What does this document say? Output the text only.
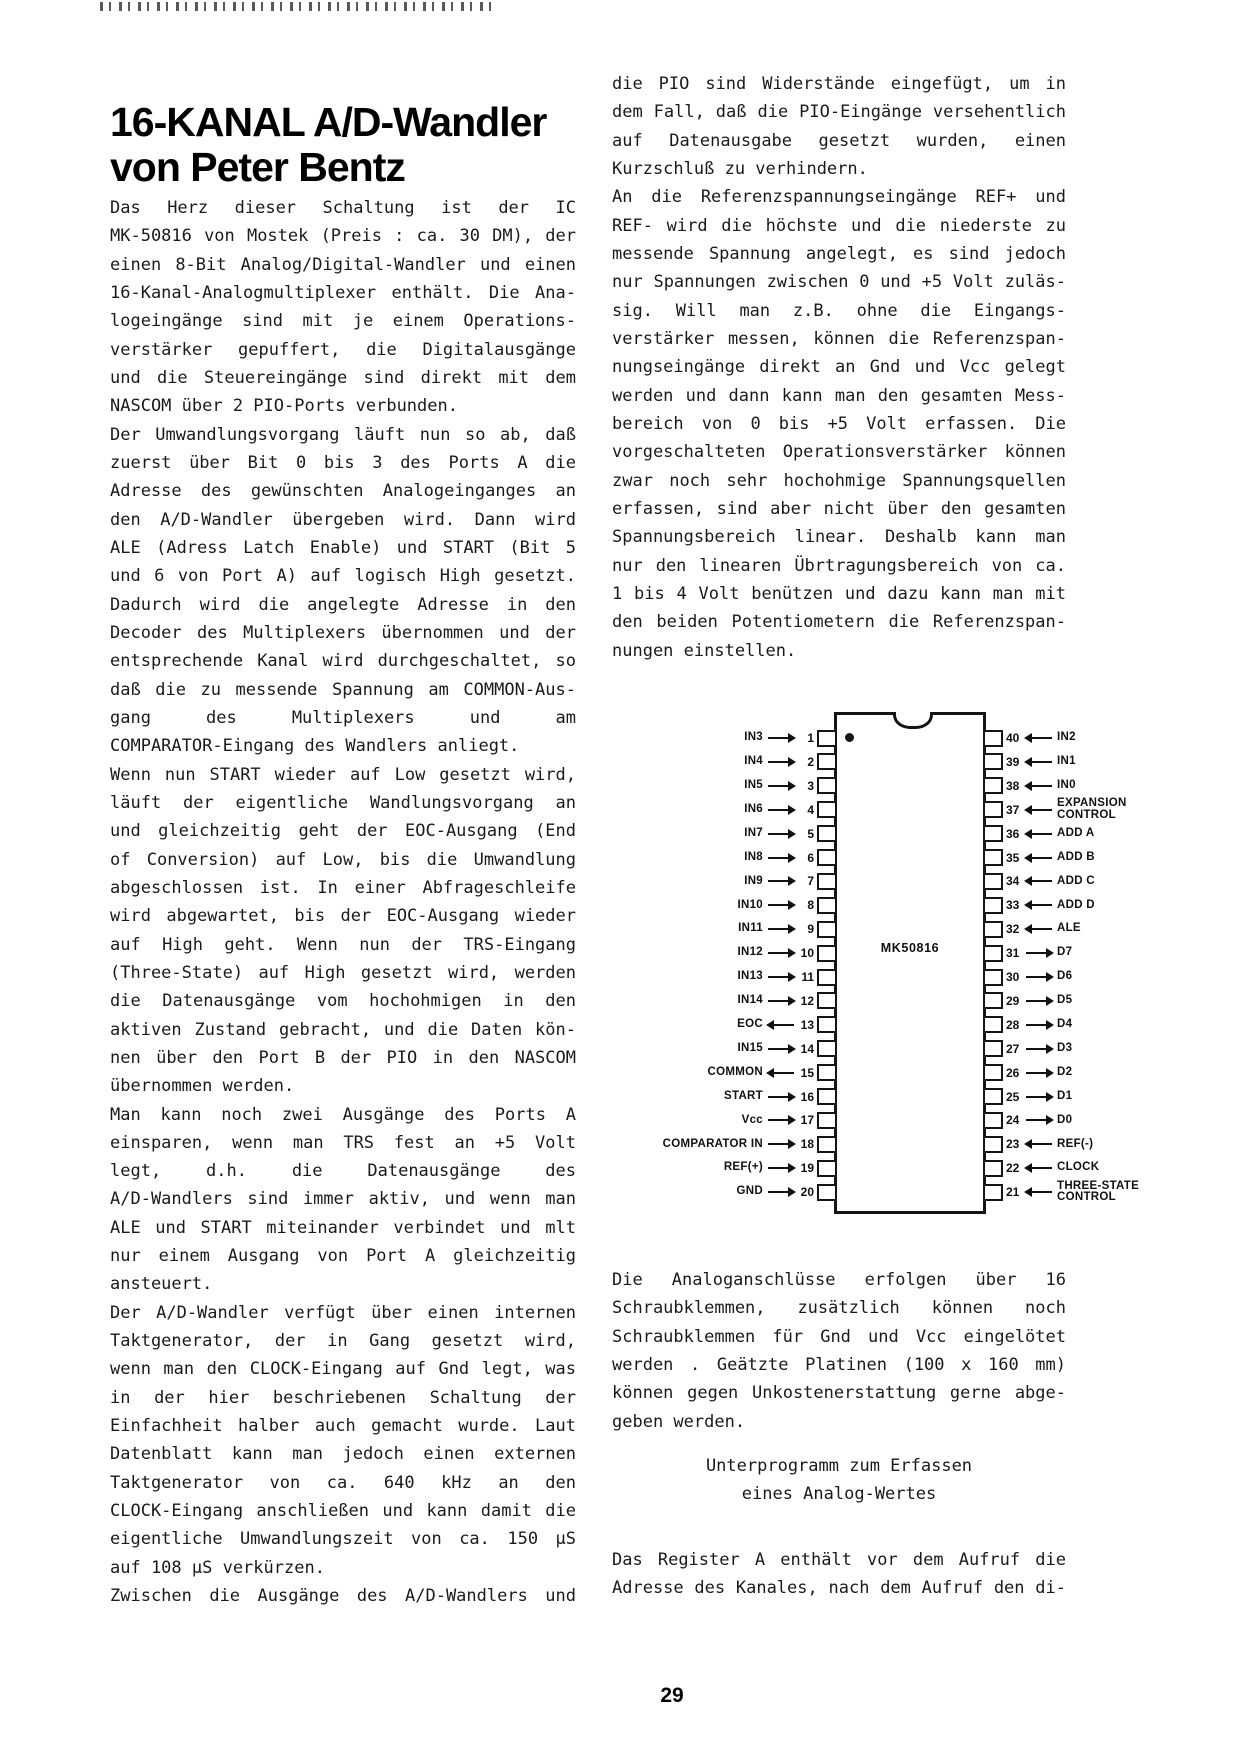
16-KANAL A/D-Wandler
von Peter Bentz
Das Herz dieser Schaltung ist der IC
MK-50816 von Mostek (Preis : ca. 30 DM), der
einen 8-Bit Analog/Digital-Wandler und einen
16-Kanal-Analogmultiplexer enthält. Die Ana-
logeingänge sind mit je einem Operations-
verstärker gepuffert, die Digitalausgänge
und die Steuereingänge sind direkt mit dem
NASCOM über 2 PIO-Ports verbunden.
Der Umwandlungsvorgang läuft nun so ab, daß
zuerst über Bit 0 bis 3 des Ports A die
Adresse des gewünschten Analogeinganges an
den A/D-Wandler übergeben wird. Dann wird
ALE (Adress Latch Enable) und START (Bit 5
und 6 von Port A) auf logisch High gesetzt.
Dadurch wird die angelegte Adresse in den
Decoder des Multiplexers übernommen und der
entsprechende Kanal wird durchgeschaltet, so
daß die zu messende Spannung am COMMON-Aus-
gang des Multiplexers und am
COMPARATOR-Eingang des Wandlers anliegt.
Wenn nun START wieder auf Low gesetzt wird,
läuft der eigentliche Wandlungsvorgang an
und gleichzeitig geht der EOC-Ausgang (End
of Conversion) auf Low, bis die Umwandlung
abgeschlossen ist. In einer Abfrageschleife
wird abgewartet, bis der EOC-Ausgang wieder
auf High geht. Wenn nun der TRS-Eingang
(Three-State) auf High gesetzt wird, werden
die Datenausgänge vom hochohmigen in den
aktiven Zustand gebracht, und die Daten kön-
nen über den Port B der PIO in den NASCOM
übernommen werden.
Man kann noch zwei Ausgänge des Ports A
einsparen, wenn man TRS fest an +5 Volt
legt, d.h. die Datenausgänge des
A/D-Wandlers sind immer aktiv, und wenn man
ALE und START miteinander verbindet und mlt
nur einem Ausgang von Port A gleichzeitig
ansteuert.
Der A/D-Wandler verfügt über einen internen
Taktgenerator, der in Gang gesetzt wird,
wenn man den CLOCK-Eingang auf Gnd legt, was
in der hier beschriebenen Schaltung der
Einfachheit halber auch gemacht wurde. Laut
Datenblatt kann man jedoch einen externen
Taktgenerator von ca. 640 kHz an den
CLOCK-Eingang anschließen und kann damit die
eigentliche Umwandlungszeit von ca. 150 µS
auf 108 µS verkürzen.
Zwischen die Ausgänge des A/D-Wandlers und
die PIO sind Widerstände eingefügt, um in
dem Fall, daß die PIO-Eingänge versehentlich
auf Datenausgabe gesetzt wurden, einen
Kurzschluß zu verhindern.
An die Referenzspannungseingänge REF+ und
REF- wird die höchste und die niederste zu
messende Spannung angelegt, es sind jedoch
nur Spannungen zwischen 0 und +5 Volt zuläs-
sig. Will man z.B. ohne die Eingangs-
verstärker messen, können die Referenzspan-
nungseingänge direkt an Gnd und Vcc gelegt
werden und dann kann man den gesamten Mess-
bereich von 0 bis +5 Volt erfassen. Die
vorgeschalteten Operationsverstärker können
zwar noch sehr hochohmige Spannungsquellen
erfassen, sind aber nicht über den gesamten
Spannungsbereich linear. Deshalb kann man
nur den linearen Übrtragungsbereich von ca.
1 bis 4 Volt benützen und dazu kann man mit
den beiden Potentiometern die Referenzspan-
nungen einstellen.
MK50816
IN3	1
IN4	2
IN5	3
IN6	4
IN7	5
IN8	6
IN9	7
IN10	8
IN11	9
IN12	10
IN13	11
IN14	12
EOC	13
IN15	14
COMMON	15
START	16
Vcc	17
COMPARATOR IN	18
REF(+)	19
GND	20
40	IN2
39	IN1
38	IN0
37	EXPANSION CONTROL
36	ADD A
35	ADD B
34	ADD C
33	ADD D
32	ALE
31	D7
30	D6
29	D5
28	D4
27	D3
26	D2
25	D1
24	D0
23	REF(-)
22	CLOCK
21	THREE-STATE CONTROL
Die Analoganschlüsse erfolgen über 16
Schraubklemmen, zusätzlich können noch
Schraubklemmen für Gnd und Vcc eingelötet
werden . Geätzte Platinen (100 x 160 mm)
können gegen Unkostenerstattung gerne abge-
geben werden.
Unterprogramm zum Erfassen
eines Analog-Wertes
Das Register A enthält vor dem Aufruf die
Adresse des Kanales, nach dem Aufruf den di-
29
